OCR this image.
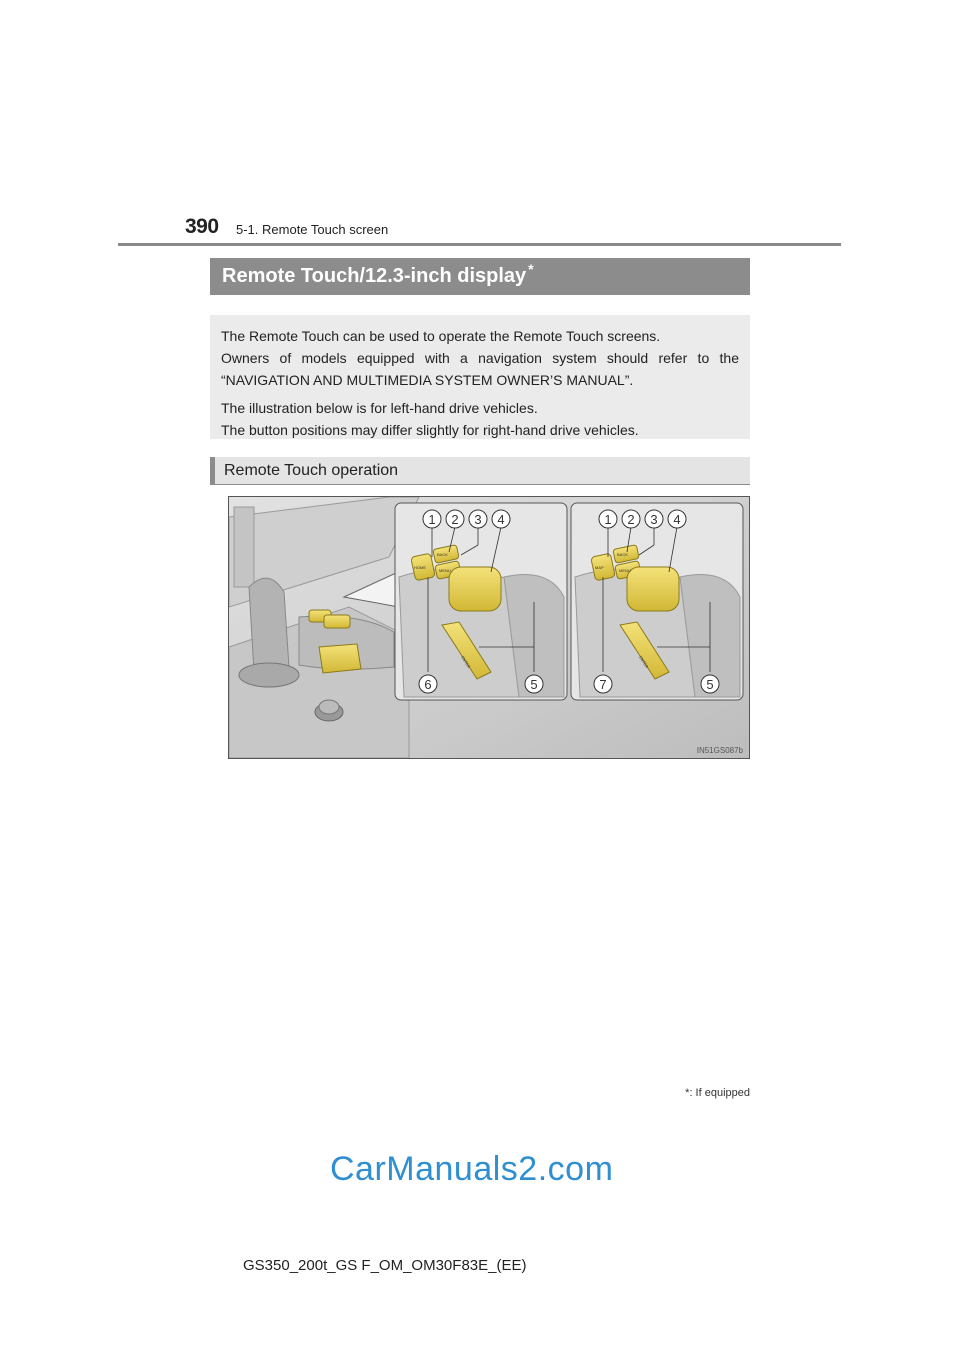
390 5-1. Remote Touch screen
Remote Touch/12.3-inch display *

The Remote Touch can be used to operate the Remote Touch screens.

Owners of models equipped with a navigation system should refer to the “NAVIGATION AND MULTIMEDIA SYSTEM OWNER’S MANUAL”.

The illustration below is for left-hand drive vehicles.

The button positions may differ slightly for right-hand drive vehicles.

Remote Touch operation
HOME
BACK
MENU
ENTER
1 2 3 4
6	5
MAP
BACK
MENU
ENTER
1 2 3 4
7	5
IN51GS087b
*: If equipped
CarManuals2.com
GS350_200t_GS F_OM_OM30F83E_(EE)
